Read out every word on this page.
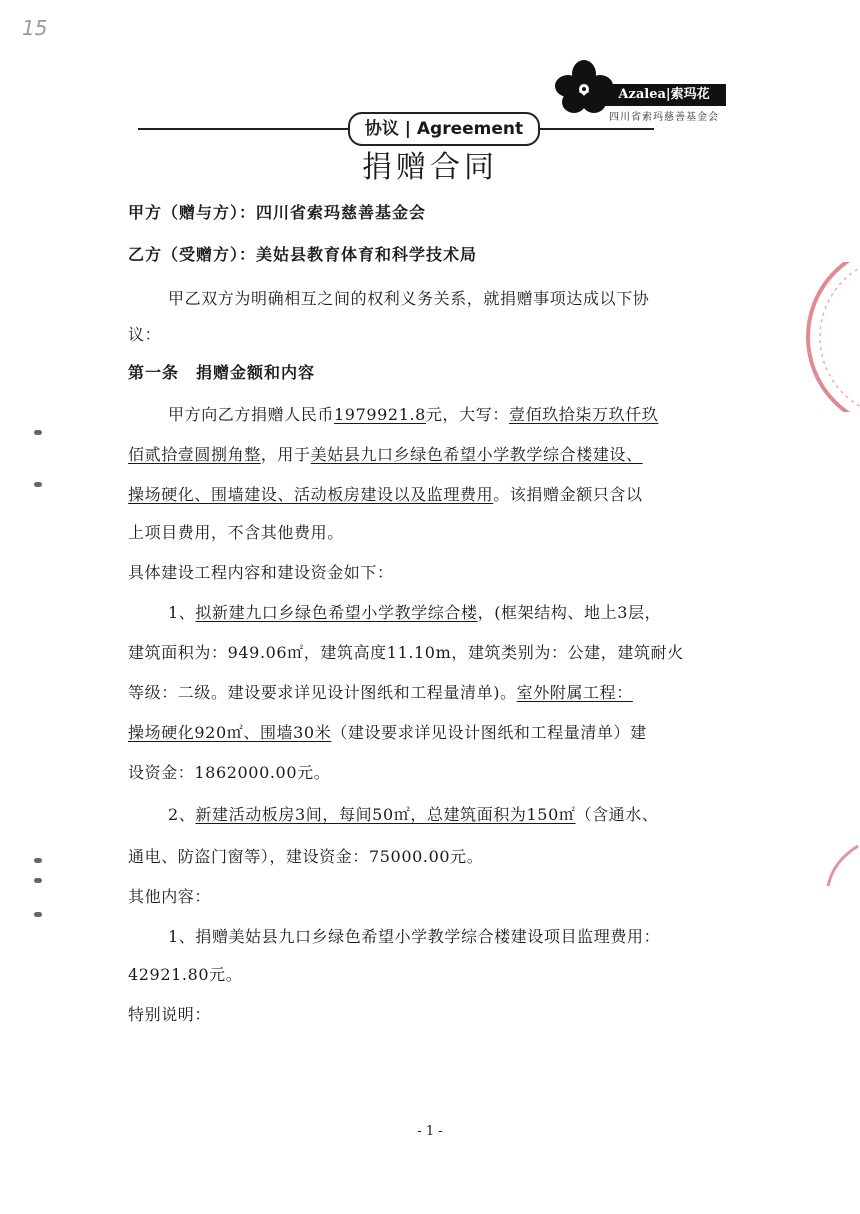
15
Azalea|索玛花
四川省索玛慈善基金会
协议 | Agreement
捐赠合同
甲方（赠与方）：四川省索玛慈善基金会
乙方（受赠方）：美姑县教育体育和科学技术局
甲乙双方为明确相互之间的权利义务关系，就捐赠事项达成以下协
议：
第一条　捐赠金额和内容
甲方向乙方捐赠人民币1979921.8元，大写：壹佰玖拾柒万玖仟玖
佰贰拾壹圆捌角整，用于美姑县九口乡绿色希望小学教学综合楼建设、
操场硬化、围墙建设、活动板房建设以及监理费用。该捐赠金额只含以
上项目费用，不含其他费用。
具体建设工程内容和建设资金如下：
1、拟新建九口乡绿色希望小学教学综合楼，(框架结构、地上3层，
建筑面积为：949.06㎡，建筑高度11.10m，建筑类别为：公建，建筑耐火
等级：二级。建设要求详见设计图纸和工程量清单)。室外附属工程：
操场硬化920㎡、围墙30米（建设要求详见设计图纸和工程量清单）建
设资金：1862000.00元。
2、新建活动板房3间，每间50㎡，总建筑面积为150㎡（含通水、
通电、防盗门窗等），建设资金：75000.00元。
其他内容：
1、捐赠美姑县九口乡绿色希望小学教学综合楼建设项目监理费用：
42921.80元。
特别说明：
- 1 -
